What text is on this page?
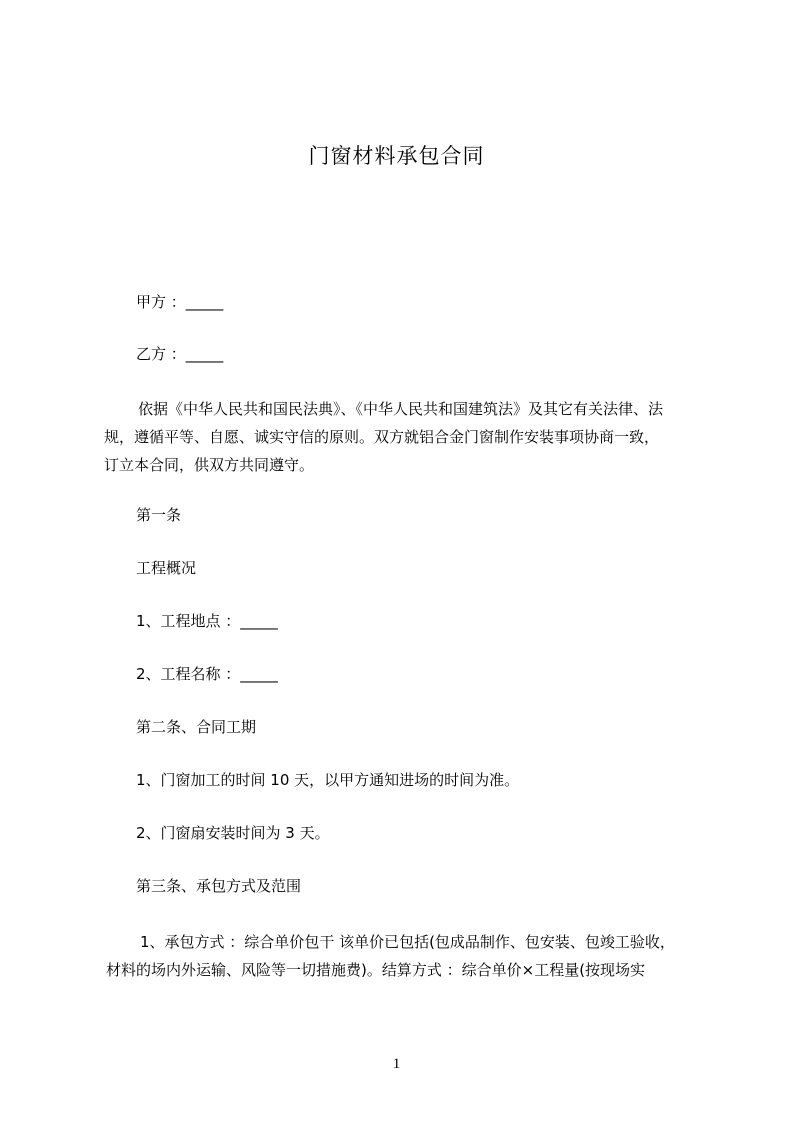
门窗材料承包合同
甲方 ：_____
乙方 ：_____
依据《中华人民共和国民法典》、《中华人民共和国建筑法》及其它有关法律、法
规，遵循平等、自愿、诚实守信的原则。双方就铝合金门窗制作安装事项协商一致，
订立本合同，供双方共同遵守。
第一条
工程概况
1、工程地点 ：_____
2、工程名称 ：_____
第二条、合同工期
1、门窗加工的时间 10 天，以甲方通知进场的时间为准。
2、门窗扇安装时间为 3 天。
第三条、承包方式及范围
1、承包方式 ：综合单价包干 该单价已包括(包成品制作、包安装、包竣工验收，
材料的场内外运输、风险等一切措施费)。结算方式 ：综合单价×工程量(按现场实
1
